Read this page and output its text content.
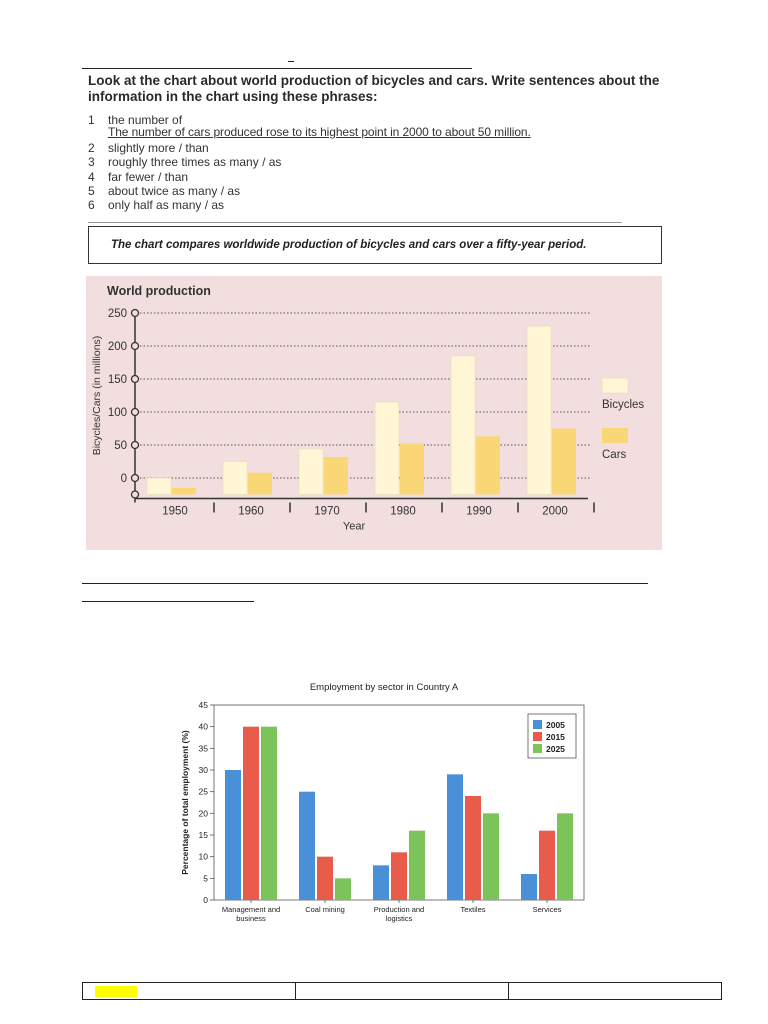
Look at the chart about world production of bicycles and cars. Write sentences about the information in the chart using these phrases:

1	the number of
2	slightly more / than
3	roughly three times as many / as
4	far fewer / than
5	about twice as many / as
6	only half as many / as
The number of cars produced rose to its highest point in 2000 to about 50 million.
The chart compares worldwide production of bicycles and cars over a fifty-year period.
World production
0
50
100
150
200
250
Bicycles/Cars (in millions)
1950	1960	1970	1980	1990	2000
Year
Bicycles
Cars
Employment by sector in Country A
0
5
10
15
20
25
30
35
40
45
Percentage of total employment (%)
Management and
business
Coal mining	Production and
logistics
Textiles	Services
2005
2015
2025
